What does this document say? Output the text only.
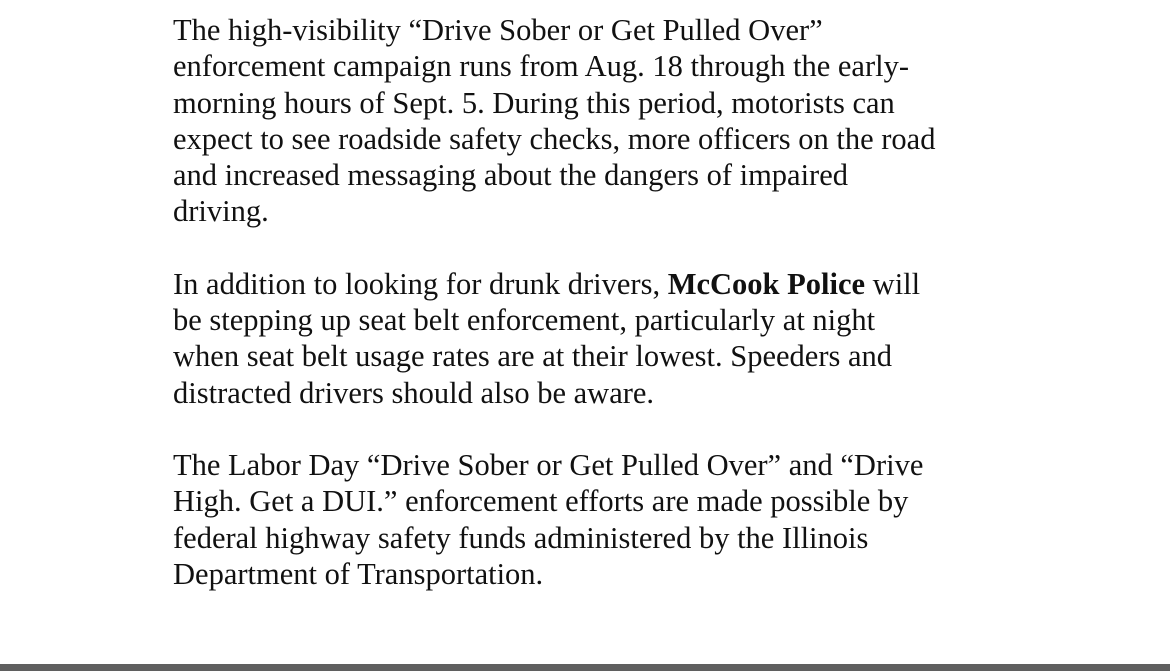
The high-visibility “Drive Sober or Get Pulled Over”
enforcement campaign runs from Aug. 18 through the early-
morning hours of Sept. 5. During this period, motorists can
expect to see roadside safety checks, more officers on the road
and increased messaging about the dangers of impaired
driving.

In addition to looking for drunk drivers, McCook Police will
be stepping up seat belt enforcement, particularly at night
when seat belt usage rates are at their lowest. Speeders and
distracted drivers should also be aware.

The Labor Day “Drive Sober or Get Pulled Over” and “Drive
High. Get a DUI.” enforcement efforts are made possible by
federal highway safety funds administered by the Illinois
Department of Transportation.
